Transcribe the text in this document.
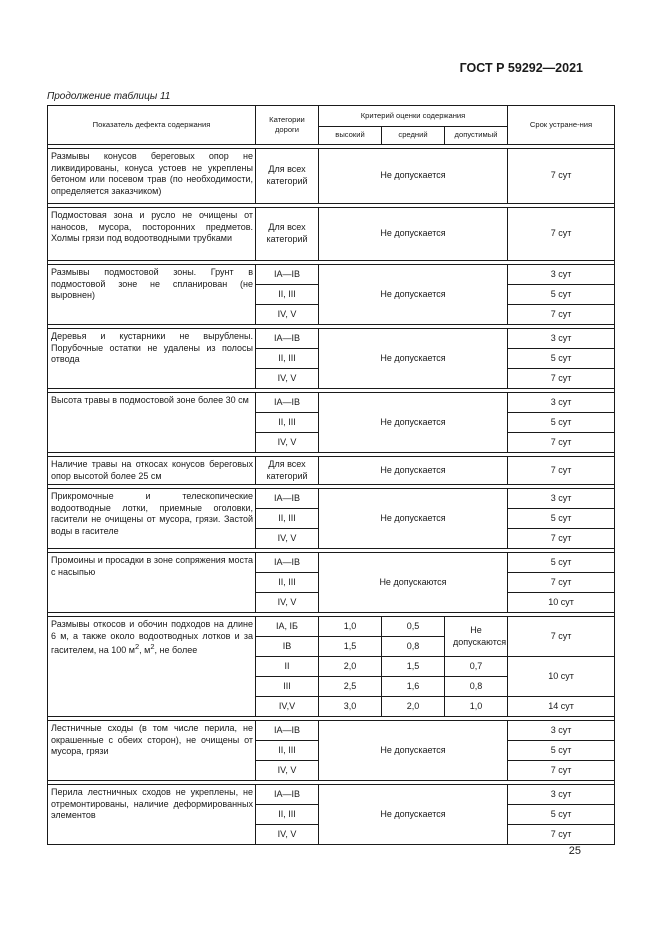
ГОСТ Р 59292—2021
Продолжение таблицы 11
Показатель дефекта содержания	Категории дороги	Критерий оценки содержания			Срок устране-ния
		высокий	средний	допустимый	

Размывы конусов береговых опор не ликвидированы, конуса устоев не укреплены бетоном или посевом трав (по необходимости, определяется заказчиком)	Для всех категорий	Не допускается			7 сут

Подмостовая зона и русло не очищены от наносов, мусора, посторонних предметов. Холмы грязи под водоотводными трубками	Для всех категорий	Не допускается			7 сут

Размывы подмостовой зоны. Грунт в подмостовой зоне не спланирован (не выровнен)	IA—IB	Не допускается			3 сут
	II, III				5 сут
	IV, V				7 сут

Деревья и кустарники не вырублены. Порубочные остатки не удалены из полосы отвода	IA—IB	Не допускается			3 сут
	II, III				5 сут
	IV, V				7 сут

Высота травы в подмостовой зоне более 30 см	IA—IB	Не допускается			3 сут
	II, III				5 сут
	IV, V				7 сут

Наличие травы на откосах конусов береговых опор высотой более 25 см	Для всех категорий	Не допускается			7 сут

Прикромочные и телескопические водоотводные лотки, приемные оголовки, гасители не очищены от мусора, грязи. Застой воды в гасителе	IA—IB	Не допускается			3 сут
	II, III				5 сут
	IV, V				7 сут

Промоины и просадки в зоне сопряжения моста с насыпью	IA—IB	Не допускаются			5 сут
	II, III				7 сут
	IV, V				10 сут

Размывы откосов и обочин подходов на длине 6 м, а также около водоотводных лотков и за гасителем, на 100 $м^2$, $м^2$, не более	IA, IБ	1,0	0,5	Не допускаются	7 сут
	IB	1,5	0,8		
	II	2,0	1,5	0,7	10 сут
	III	2,5	1,6	0,8	
	IV,V	3,0	2,0	1,0	14 сут

Лестничные сходы (в том числе перила, не окрашенные с обеих сторон), не очищены от мусора, грязи	IA—IB	Не допускается			3 сут
	II, III				5 сут
	IV, V				7 сут

Перила лестничных сходов не укреплены, не отремонтированы, наличие деформированных элементов	IA—IB	Не допускается			3 сут
	II, III				5 сут
	IV, V				7 сут
25
